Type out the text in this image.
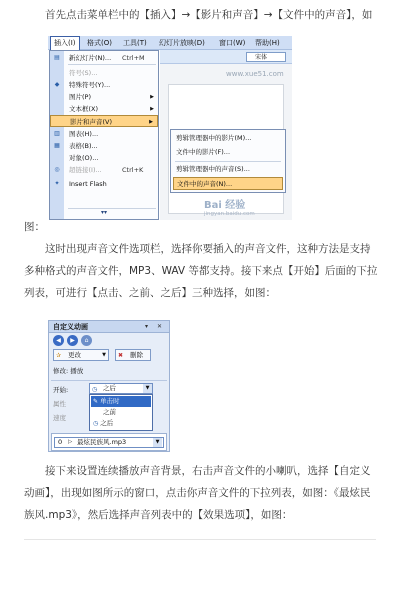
首先点击菜单栏中的【插入】→【影片和声音】→【文件中的声音】，如
插入(I)	格式(O)	工具(T)	幻灯片放映(D)	窗口(W)	帮助(H)
宋体
www.xue51.com
▤ 新幻灯片(N)... Ctrl+M
符号(S)...
◆ 特殊符号(Y)...
图片(P)	▶
文本框(X)	▶
影片和声音(V)	▶
▥ 图表(H)...
▦ 表格(B)...
对象(O)...
◎ 超链接(I)...	Ctrl+K
✦ Insert Flash
▾▾
剪辑管理器中的影片(M)...
文件中的影片(F)...
剪辑管理器中的声音(S)...
文件中的声音(N)...
Bai 经验
jingyan.baidu.com
图：
这时出现声音文件选项栏，选择你要插入的声音文件，这种方法是支持多种格式的声音文件，MP3、WAV 等都支持。接下来点【开始】后面的下拉列表，可进行【点击、之前、之后】三种选择，如图：
自定义动画	▾ ✕
◀	▶	⌂
✰ 更改	▼ ✖ 删除
修改: 播放
开始:
属性
速度
◷ 之后	▼
✎ 单击时
之前
◷ 之后
0 ▷ 最炫民族风.mp3	▼
接下来设置连续播放声音背景，右击声音文件的小喇叭，选择【自定义动画】，出现如图所示的窗口，点击你声音文件的下拉列表，如图：《最炫民族风.mp3》，然后选择声音列表中的【效果选项】，如图：
